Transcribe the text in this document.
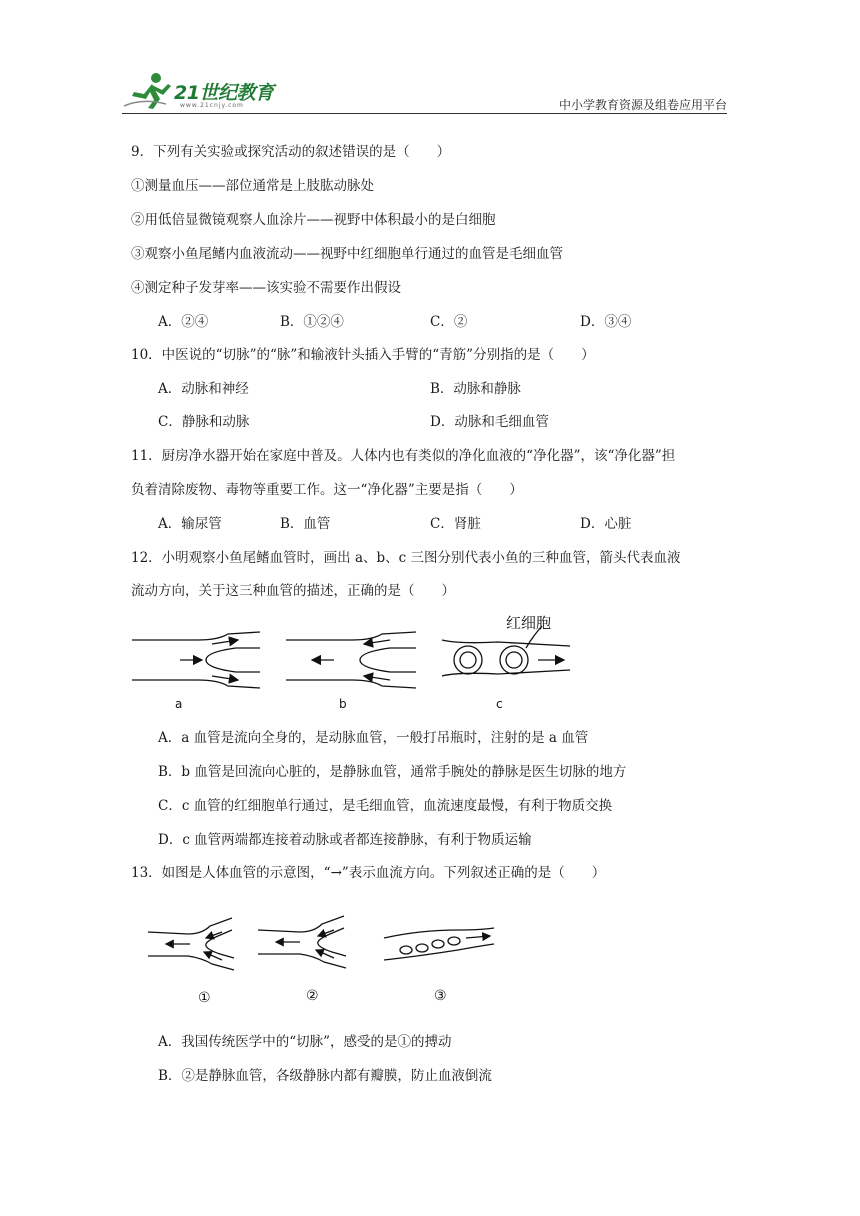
21世纪教育
www.21cnjy.com	中小学教育资源及组卷应用平台
9．下列有关实验或探究活动的叙述错误的是（　　）
①测量血压——部位通常是上肢肱动脉处
②用低倍显微镜观察人血涂片——视野中体积最小的是白细胞
③观察小鱼尾鳍内血液流动——视野中红细胞单行通过的血管是毛细血管
④测定种子发芽率——该实验不需要作出假设
A．②④	B．①②④	C．②	D．③④
10．中医说的“切脉”的“脉”和输液针头插入手臂的“青筋”分别指的是（　　）
A．动脉和神经	B．动脉和静脉
C．静脉和动脉	D．动脉和毛细血管
11．厨房净水器开始在家庭中普及。人体内也有类似的净化血液的“净化器”，该“净化器”担
负着清除废物、毒物等重要工作。这一“净化器”主要是指（　　）
A．输尿管	B．血管	C．肾脏	D．心脏
12．小明观察小鱼尾鳍血管时，画出 a、b、c 三图分别代表小鱼的三种血管，箭头代表血液
流动方向，关于这三种血管的描述，正确的是（　　）
a	b
红细胞
c
A．a 血管是流向全身的，是动脉血管，一般打吊瓶时，注射的是 a 血管
B．b 血管是回流向心脏的，是静脉血管，通常手腕处的静脉是医生切脉的地方
C．c 血管的红细胞单行通过，是毛细血管，血流速度最慢，有利于物质交换
D．c 血管两端都连接着动脉或者都连接静脉，有利于物质运输
13．如图是人体血管的示意图，“→”表示血流方向。下列叙述正确的是（　　）
①	②	③
A．我国传统医学中的“切脉”，感受的是①的搏动
B．②是静脉血管，各级静脉内都有瓣膜，防止血液倒流
